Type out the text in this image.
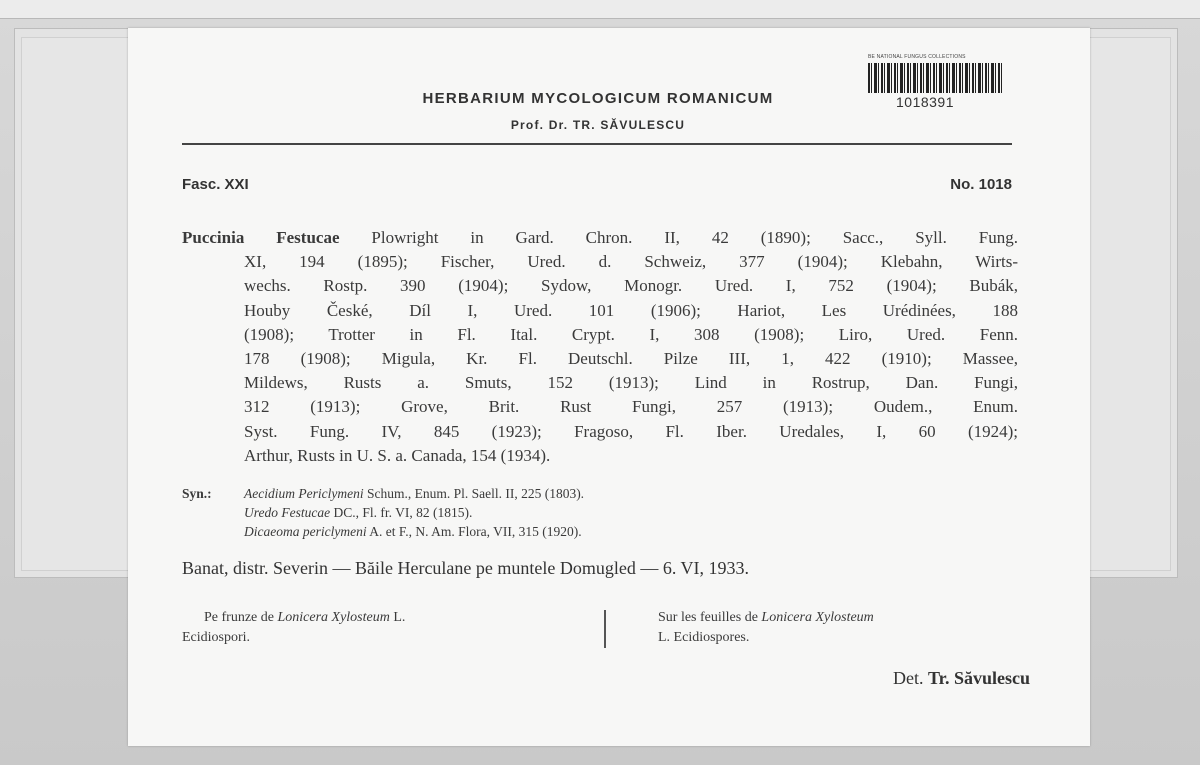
HERBARIUM MYCOLOGICUM ROMANICUM
Prof. Dr. TR. SĂVULESCU
BE NATIONAL FUNGUS COLLECTIONS
1018391
Fasc. XXI	No. 1018
Puccinia Festucae Plowright in Gard. Chron. II, 42 (1890); Sacc., Syll. Fung.
XI, 194 (1895); Fischer, Ured. d. Schweiz, 377 (1904); Klebahn, Wirts-
wechs. Rostp. 390 (1904); Sydow, Monogr. Ured. I, 752 (1904); Bubák,
Houby České, Díl I, Ured. 101 (1906); Hariot, Les Urédinées, 188
(1908); Trotter in Fl. Ital. Crypt. I, 308 (1908); Liro, Ured. Fenn.
178 (1908); Migula, Kr. Fl. Deutschl. Pilze III, 1, 422 (1910); Massee,
Mildews, Rusts a. Smuts, 152 (1913); Lind in Rostrup, Dan. Fungi,
312 (1913); Grove, Brit. Rust Fungi, 257 (1913); Oudem., Enum.
Syst. Fung. IV, 845 (1923); Fragoso, Fl. Iber. Uredales, I, 60 (1924);
Arthur, Rusts in U. S. a. Canada, 154 (1934).
Syn.: Aecidium Periclymeni Schum., Enum. Pl. Saell. II, 225 (1803).
Uredo Festucae DC., Fl. fr. VI, 82 (1815).
Dicaeoma periclymeni A. et F., N. Am. Flora, VII, 315 (1920).
Banat, distr. Severin — Băile Herculane pe muntele Domugled — 6. VI, 1933.
Pe frunze de Lonicera Xylosteum L.
Ecidiospori.
Sur les feuilles de Lonicera Xylosteum
L. Ecidiospores.
Det. Tr. Săvulescu
